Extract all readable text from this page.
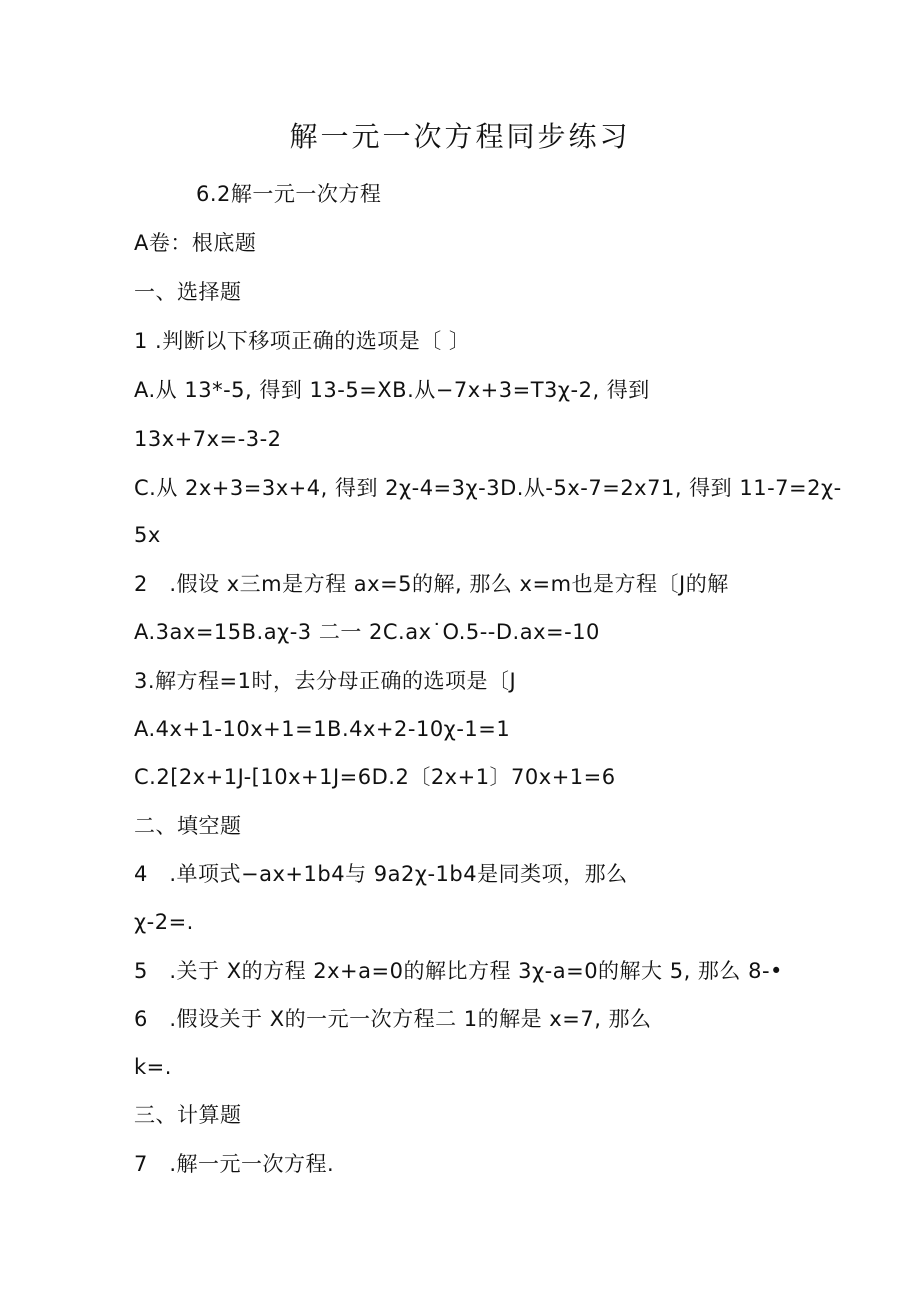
解一元一次方程同步练习
6.2解一元一次方程
A卷：根底题
一、选择题
1 .判断以下移项正确的选项是〔 〕
A.从 13*-5, 得到 13-5=XB.从−7x+3=T3χ-2, 得到
13x+7x=-3-2
C.从 2x+3=3x+4, 得到 2χ-4=3χ-3D.从-5x-7=2x71, 得到 11-7=2χ-
5x
2　.假设 x三m是方程 ax=5的解, 那么 x=m也是方程〔J的解
A.3ax=15B.aχ-3 二一 2C.ax˙O.5--D.ax=-10
3.解方程=1时，去分母正确的选项是〔J
A.4x+1-10x+1=1B.4x+2-10χ-1=1
C.2[2x+1J-[10x+1J=6D.2〔2x+1〕70x+1=6
二、填空题
4　.单项式−ax+1b4与 9a2χ-1b4是同类项，那么
χ-2=.
5　.关于 X的方程 2x+a=0的解比方程 3χ-a=0的解大 5, 那么 8-•
6　.假设关于 X的一元一次方程二 1的解是 x=7, 那么
k=.
三、计算题
7　.解一元一次方程.
